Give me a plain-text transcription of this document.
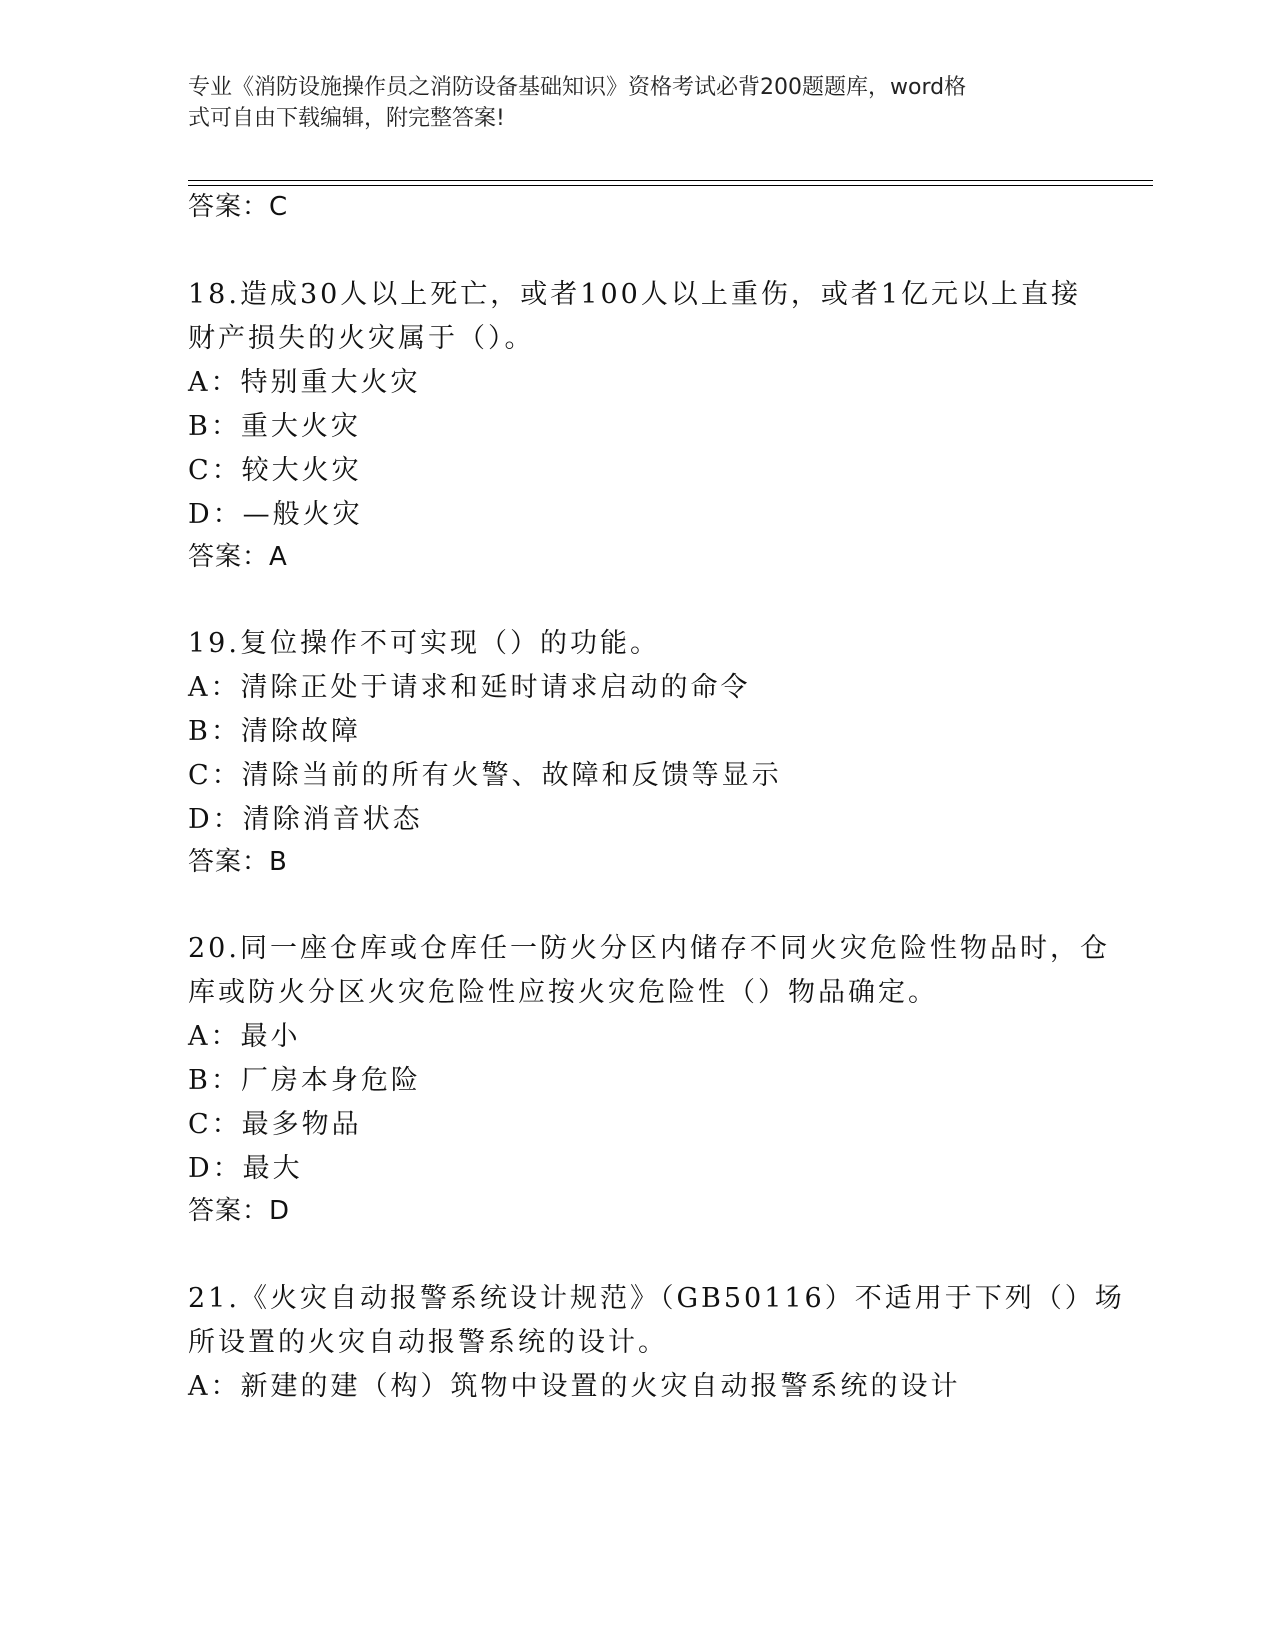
专业《消防设施操作员之消防设备基础知识》资格考试必背200题题库，word格
式可自由下载编辑，附完整答案!
答案：C
18.造成30人以上死亡，或者100人以上重伤，或者1亿元以上直接
财产损失的火灾属于（）。
A：特别重大火灾
B：重大火灾
C：较大火灾
D：—般火灾
答案：A
19.复位操作不可实现（）的功能。
A：清除正处于请求和延时请求启动的命令
B：清除故障
C：清除当前的所有火警、故障和反馈等显示
D：清除消音状态
答案：B
20.同一座仓库或仓库任一防火分区内储存不同火灾危险性物品时，仓
库或防火分区火灾危险性应按火灾危险性（）物品确定。
A：最小
B：厂房本身危险
C：最多物品
D：最大
答案：D
21.《火灾自动报警系统设计规范》（GB50116）不适用于下列（）场
所设置的火灾自动报警系统的设计。
A：新建的建（构）筑物中设置的火灾自动报警系统的设计
